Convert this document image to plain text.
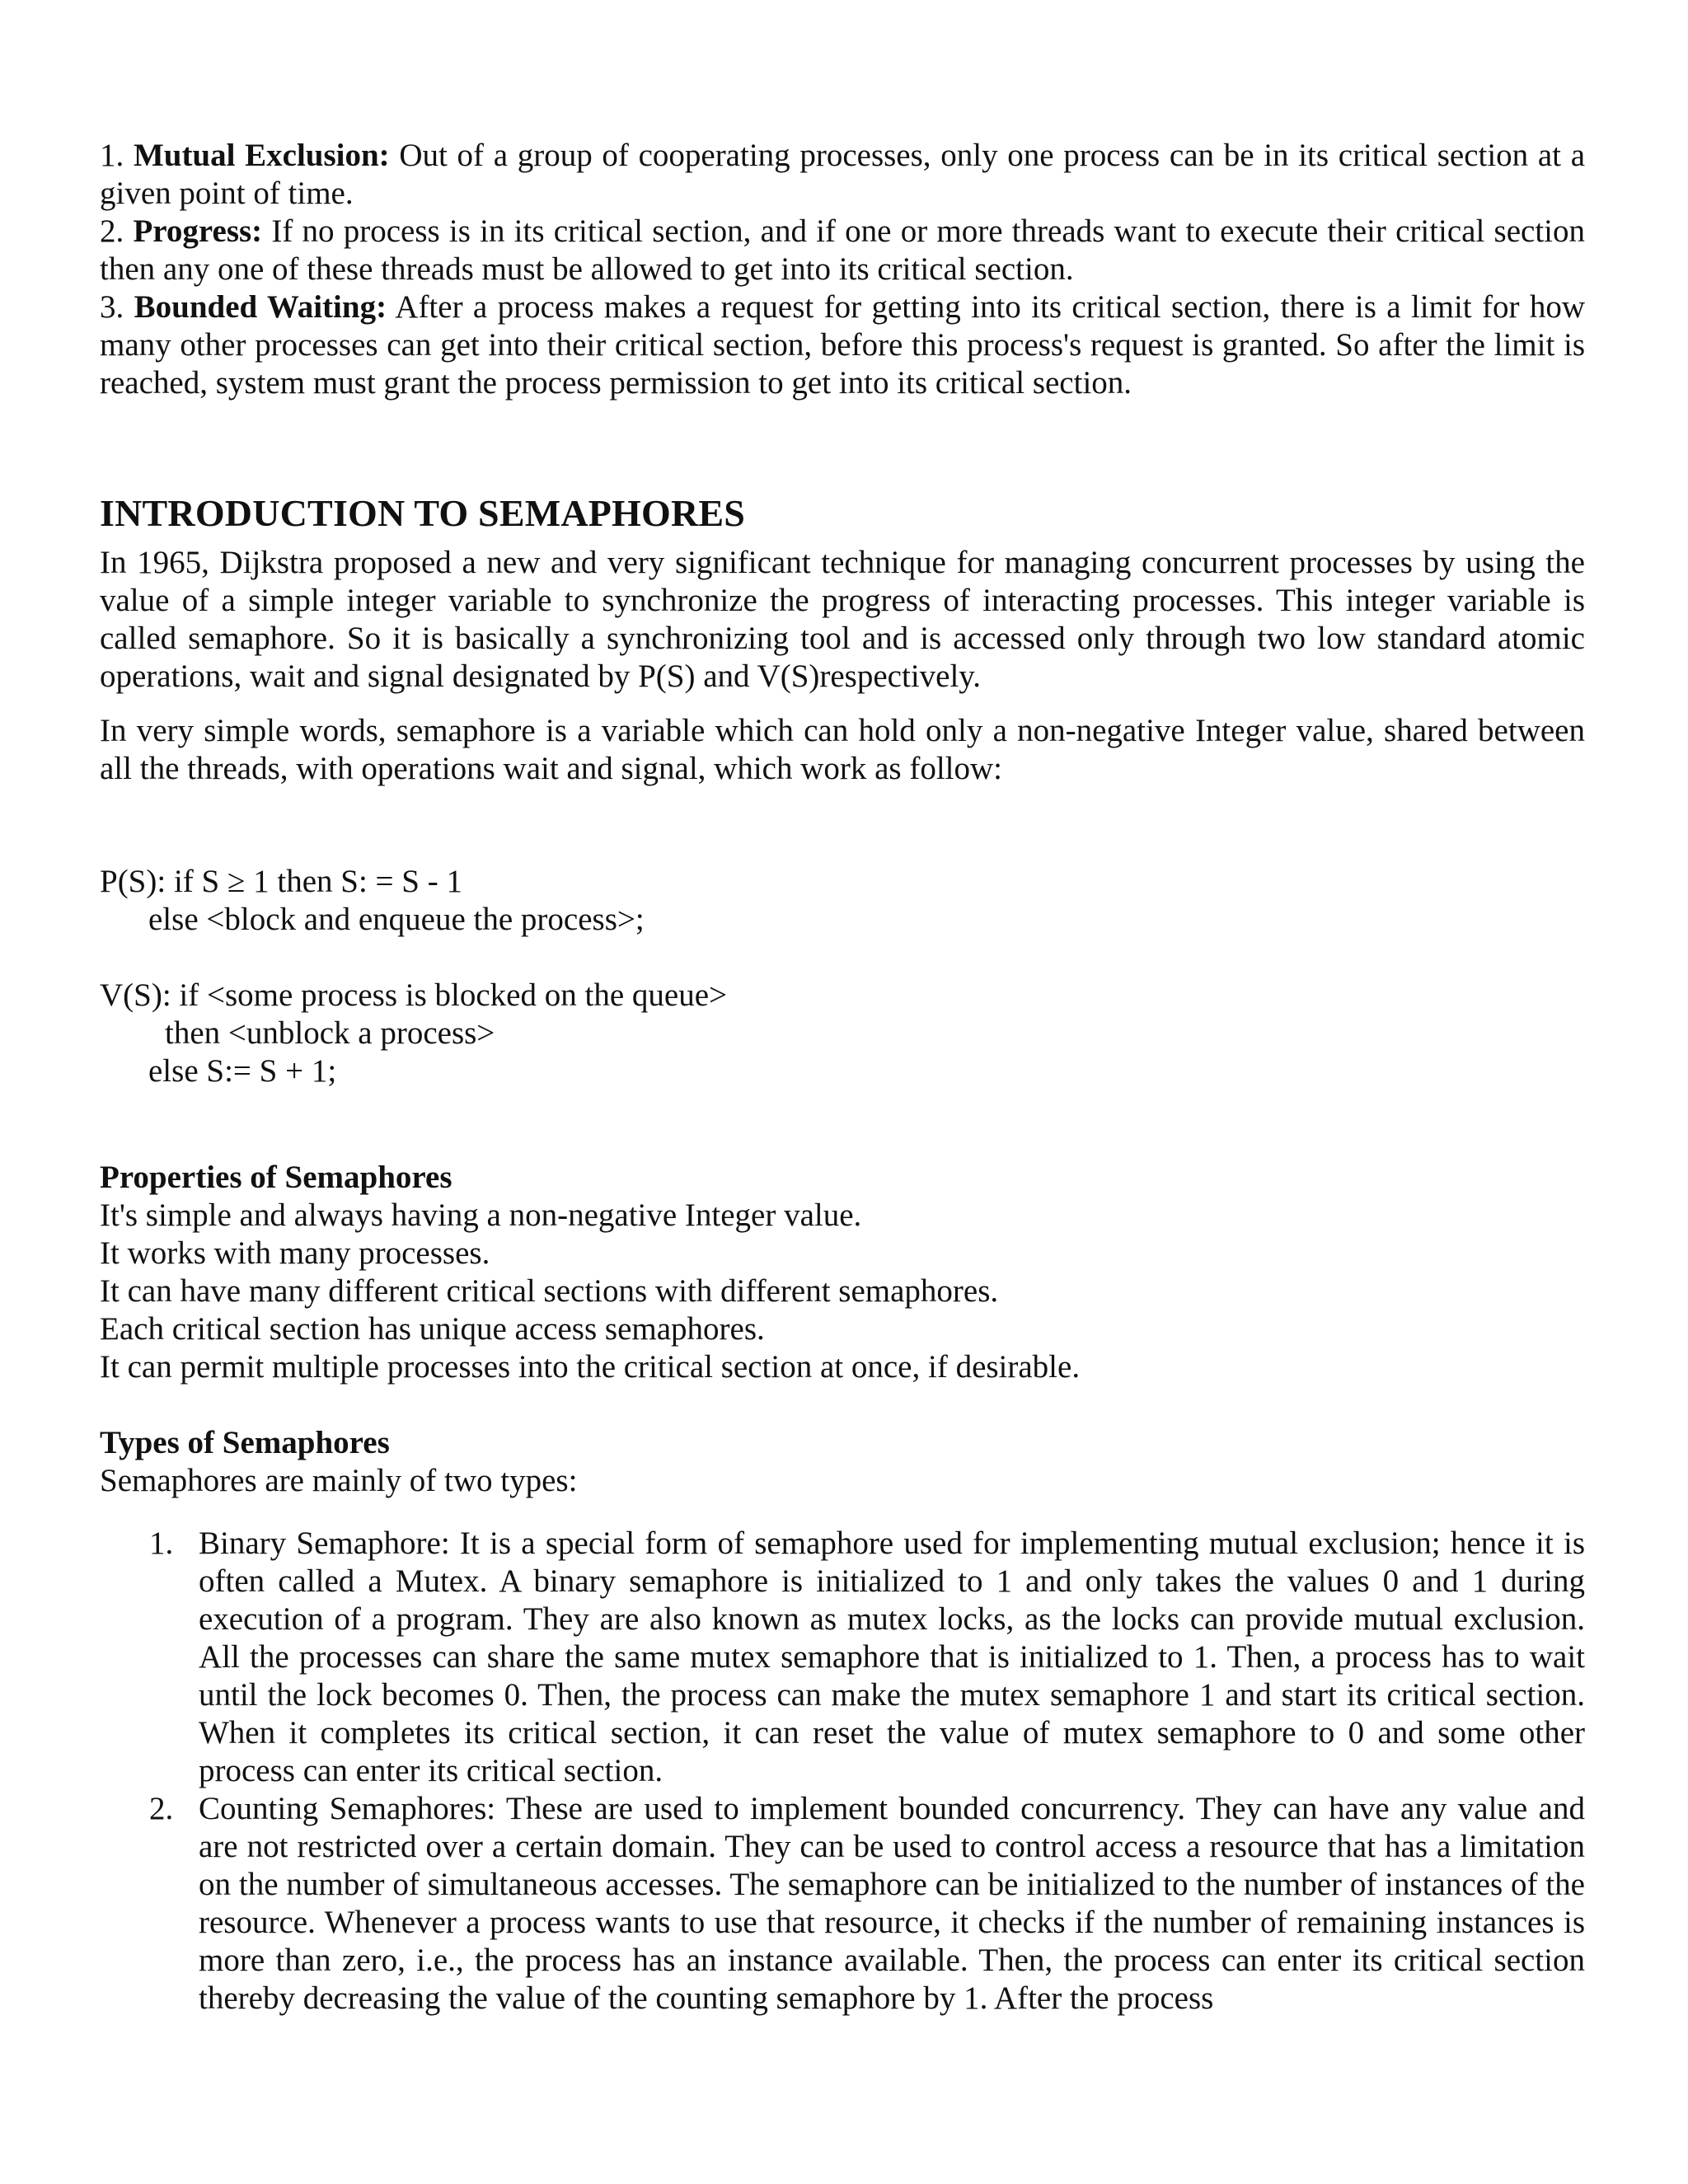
1. Mutual Exclusion: Out of a group of cooperating processes, only one process can be in its critical section at a given point of time.
2. Progress: If no process is in its critical section, and if one or more threads want to execute their critical section then any one of these threads must be allowed to get into its critical section.
3. Bounded Waiting: After a process makes a request for getting into its critical section, there is a limit for how many other processes can get into their critical section, before this process's request is granted. So after the limit is reached, system must grant the process permission to get into its critical section.
INTRODUCTION TO SEMAPHORES
In 1965, Dijkstra proposed a new and very significant technique for managing concurrent processes by using the value of a simple integer variable to synchronize the progress of interacting processes. This integer variable is called semaphore. So it is basically a synchronizing tool and is accessed only through two low standard atomic operations, wait and signal designated by P(S) and V(S)respectively.
In very simple words, semaphore is a variable which can hold only a non-negative Integer value, shared between all the threads, with operations wait and signal, which work as follow:
P(S): if S ≥ 1 then S: = S - 1
else <block and enqueue the process>;
V(S): if <some process is blocked on the queue>
then <unblock a process>
else S:= S + 1;
Properties of Semaphores
It's simple and always having a non-negative Integer value.
It works with many processes.
It can have many different critical sections with different semaphores.
Each critical section has unique access semaphores.
It can permit multiple processes into the critical section at once, if desirable.
Types of Semaphores
Semaphores are mainly of two types:
1. Binary Semaphore: It is a special form of semaphore used for implementing mutual exclusion; hence it is often called a Mutex. A binary semaphore is initialized to 1 and only takes the values 0 and 1 during execution of a program. They are also known as mutex locks, as the locks can provide mutual exclusion. All the processes can share the same mutex semaphore that is initialized to 1. Then, a process has to wait until the lock becomes 0. Then, the process can make the mutex semaphore 1 and start its critical section. When it completes its critical section, it can reset the value of mutex semaphore to 0 and some other process can enter its critical section.
2. Counting Semaphores: These are used to implement bounded concurrency. They can have any value and are not restricted over a certain domain. They can be used to control access a resource that has a limitation on the number of simultaneous accesses. The semaphore can be initialized to the number of instances of the resource. Whenever a process wants to use that resource, it checks if the number of remaining instances is more than zero, i.e., the process has an instance available. Then, the process can enter its critical section thereby decreasing the value of the counting semaphore by 1. After the process
